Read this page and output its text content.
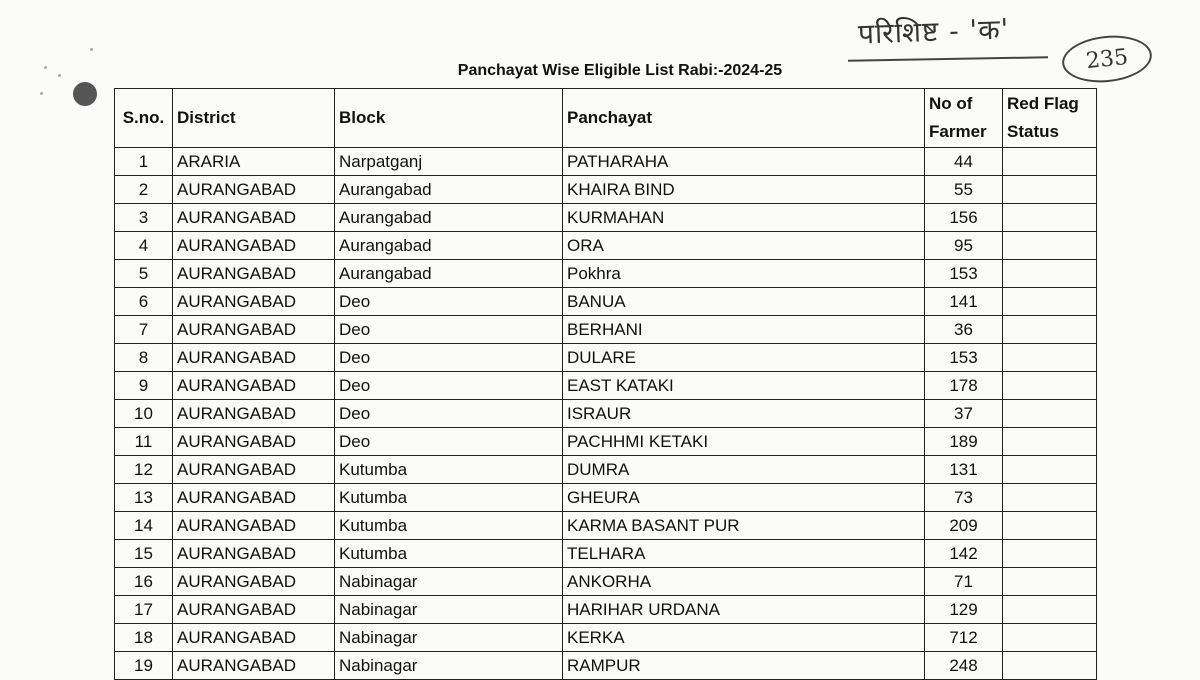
परिशिष्ट - 'क'
235
Panchayat Wise Eligible List Rabi:-2024-25
S.no.	District	Block	Panchayat	No of Farmer	Red Flag Status
1	ARARIA	Narpatganj	PATHARAHA	44	
2	AURANGABAD	Aurangabad	KHAIRA BIND	55	
3	AURANGABAD	Aurangabad	KURMAHAN	156	
4	AURANGABAD	Aurangabad	ORA	95	
5	AURANGABAD	Aurangabad	Pokhra	153	
6	AURANGABAD	Deo	BANUA	141	
7	AURANGABAD	Deo	BERHANI	36	
8	AURANGABAD	Deo	DULARE	153	
9	AURANGABAD	Deo	EAST KATAKI	178	
10	AURANGABAD	Deo	ISRAUR	37	
11	AURANGABAD	Deo	PACHHMI KETAKI	189	
12	AURANGABAD	Kutumba	DUMRA	131	
13	AURANGABAD	Kutumba	GHEURA	73	
14	AURANGABAD	Kutumba	KARMA BASANT PUR	209	
15	AURANGABAD	Kutumba	TELHARA	142	
16	AURANGABAD	Nabinagar	ANKORHA	71	
17	AURANGABAD	Nabinagar	HARIHAR URDANA	129	
18	AURANGABAD	Nabinagar	KERKA	712	
19	AURANGABAD	Nabinagar	RAMPUR	248	
